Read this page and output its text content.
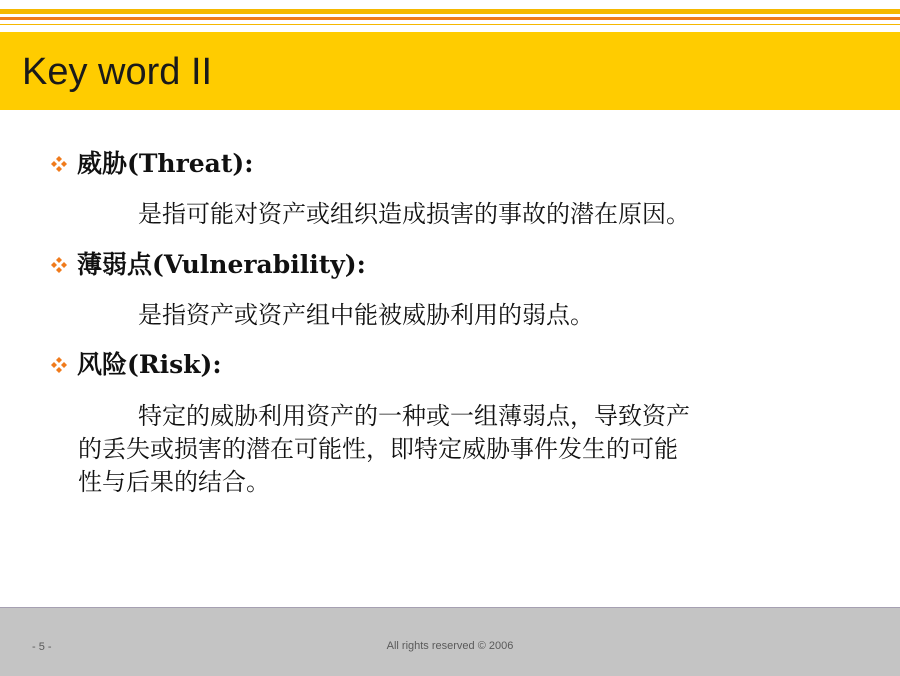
Key word II
威胁(Threat):
是指可能对资产或组织造成损害的事故的潜在原因。
薄弱点(Vulnerability):
是指资产或资产组中能被威胁利用的弱点。
风险(Risk):
特定的威胁利用资产的一种或一组薄弱点，导致资产
的丢失或损害的潜在可能性，即特定威胁事件发生的可能
性与后果的结合。
- 5 -	All rights reserved © 2006
